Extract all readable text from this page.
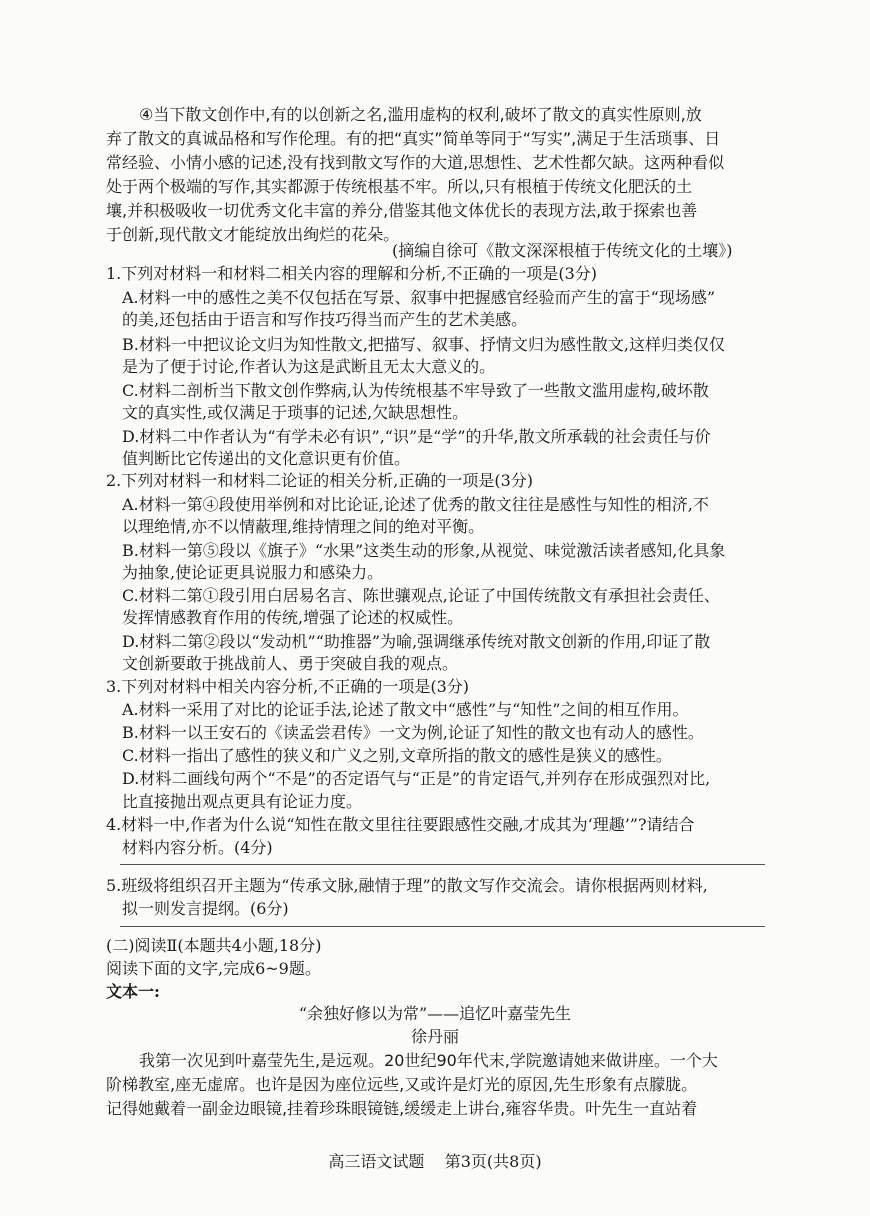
④当下散文创作中,有的以创新之名,滥用虚构的权利,破坏了散文的真实性原则,放
弃了散文的真诚品格和写作伦理。有的把“真实”简单等同于“写实”,满足于生活琐事、日
常经验、小情小感的记述,没有找到散文写作的大道,思想性、艺术性都欠缺。这两种看似
处于两个极端的写作,其实都源于传统根基不牢。所以,只有根植于传统文化肥沃的土
壤,并积极吸收一切优秀文化丰富的养分,借鉴其他文体优长的表现方法,敢于探索也善
于创新,现代散文才能绽放出绚烂的花朵。
(摘编自徐可《散文深深根植于传统文化的土壤》)
1.下列对材料一和材料二相关内容的理解和分析,不正确的一项是(3分)
A.材料一中的感性之美不仅包括在写景、叙事中把握感官经验而产生的富于“现场感”
的美,还包括由于语言和写作技巧得当而产生的艺术美感。
B.材料一中把议论文归为知性散文,把描写、叙事、抒情文归为感性散文,这样归类仅仅
是为了便于讨论,作者认为这是武断且无太大意义的。
C.材料二剖析当下散文创作弊病,认为传统根基不牢导致了一些散文滥用虚构,破坏散
文的真实性,或仅满足于琐事的记述,欠缺思想性。
D.材料二中作者认为“有学未必有识”,“识”是“学”的升华,散文所承载的社会责任与价
值判断比它传递出的文化意识更有价值。
2.下列对材料一和材料二论证的相关分析,正确的一项是(3分)
A.材料一第④段使用举例和对比论证,论述了优秀的散文往往是感性与知性的相济,不
以理绝情,亦不以情蔽理,维持情理之间的绝对平衡。
B.材料一第⑤段以《旗子》“水果”这类生动的形象,从视觉、味觉激活读者感知,化具象
为抽象,使论证更具说服力和感染力。
C.材料二第①段引用白居易名言、陈世骧观点,论证了中国传统散文有承担社会责任、
发挥情感教育作用的传统,增强了论述的权威性。
D.材料二第②段以“发动机”“助推器”为喻,强调继承传统对散文创新的作用,印证了散
文创新要敢于挑战前人、勇于突破自我的观点。
3.下列对材料中相关内容分析,不正确的一项是(3分)
A.材料一采用了对比的论证手法,论述了散文中“感性”与“知性”之间的相互作用。
B.材料一以王安石的《读孟尝君传》一文为例,论证了知性的散文也有动人的感性。
C.材料一指出了感性的狭义和广义之别,文章所指的散文的感性是狭义的感性。
D.材料二画线句两个“不是”的否定语气与“正是”的肯定语气,并列存在形成强烈对比,
比直接抛出观点更具有论证力度。
4.材料一中,作者为什么说“知性在散文里往往要跟感性交融,才成其为‘理趣’”?请结合
材料内容分析。(4分)
5.班级将组织召开主题为“传承文脉,融情于理”的散文写作交流会。请你根据两则材料,
拟一则发言提纲。(6分)
(二)阅读Ⅱ(本题共4小题,18分)
阅读下面的文字,完成6~9题。
文本一:
“余独好修以为常”——追忆叶嘉莹先生
徐丹丽
我第一次见到叶嘉莹先生,是远观。20世纪90年代末,学院邀请她来做讲座。一个大
阶梯教室,座无虚席。也许是因为座位远些,又或许是灯光的原因,先生形象有点朦胧。
记得她戴着一副金边眼镜,挂着珍珠眼镜链,缓缓走上讲台,雍容华贵。叶先生一直站着
高三语文试题    第3页(共8页)
